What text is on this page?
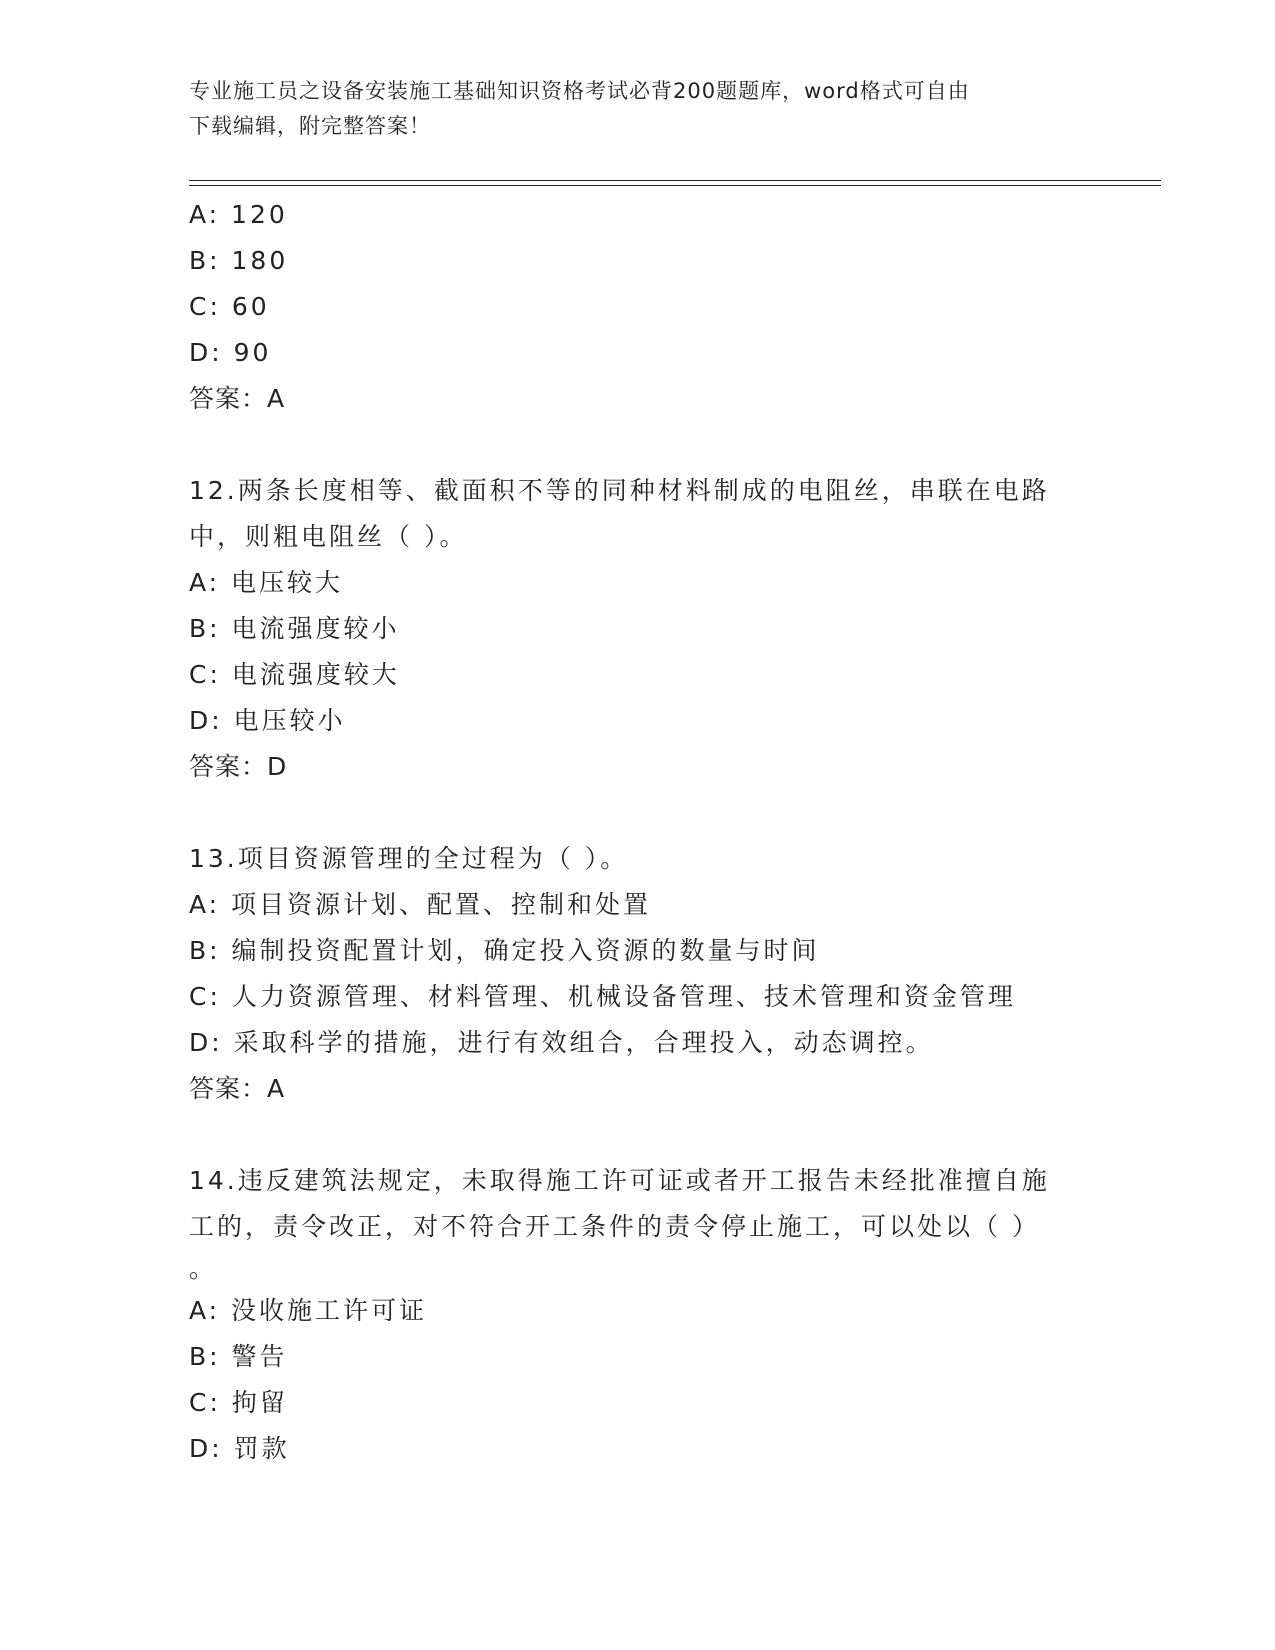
专业施工员之设备安装施工基础知识资格考试必背200题题库，word格式可自由
下载编辑，附完整答案！
A: 120
B: 180
C: 60
D: 90
答案：A
12.两条长度相等、截面积不等的同种材料制成的电阻丝，串联在电路
中，则粗电阻丝（ ）。
A: 电压较大
B: 电流强度较小
C: 电流强度较大
D: 电压较小
答案：D
13.项目资源管理的全过程为（ ）。
A: 项目资源计划、配置、控制和处置
B: 编制投资配置计划，确定投入资源的数量与时间
C: 人力资源管理、材料管理、机械设备管理、技术管理和资金管理
D: 采取科学的措施，进行有效组合，合理投入，动态调控。
答案：A
14.违反建筑法规定，未取得施工许可证或者开工报告未经批准擅自施
工的，责令改正，对不符合开工条件的责令停止施工，可以处以（ ）
。
A: 没收施工许可证
B: 警告
C: 拘留
D: 罚款
